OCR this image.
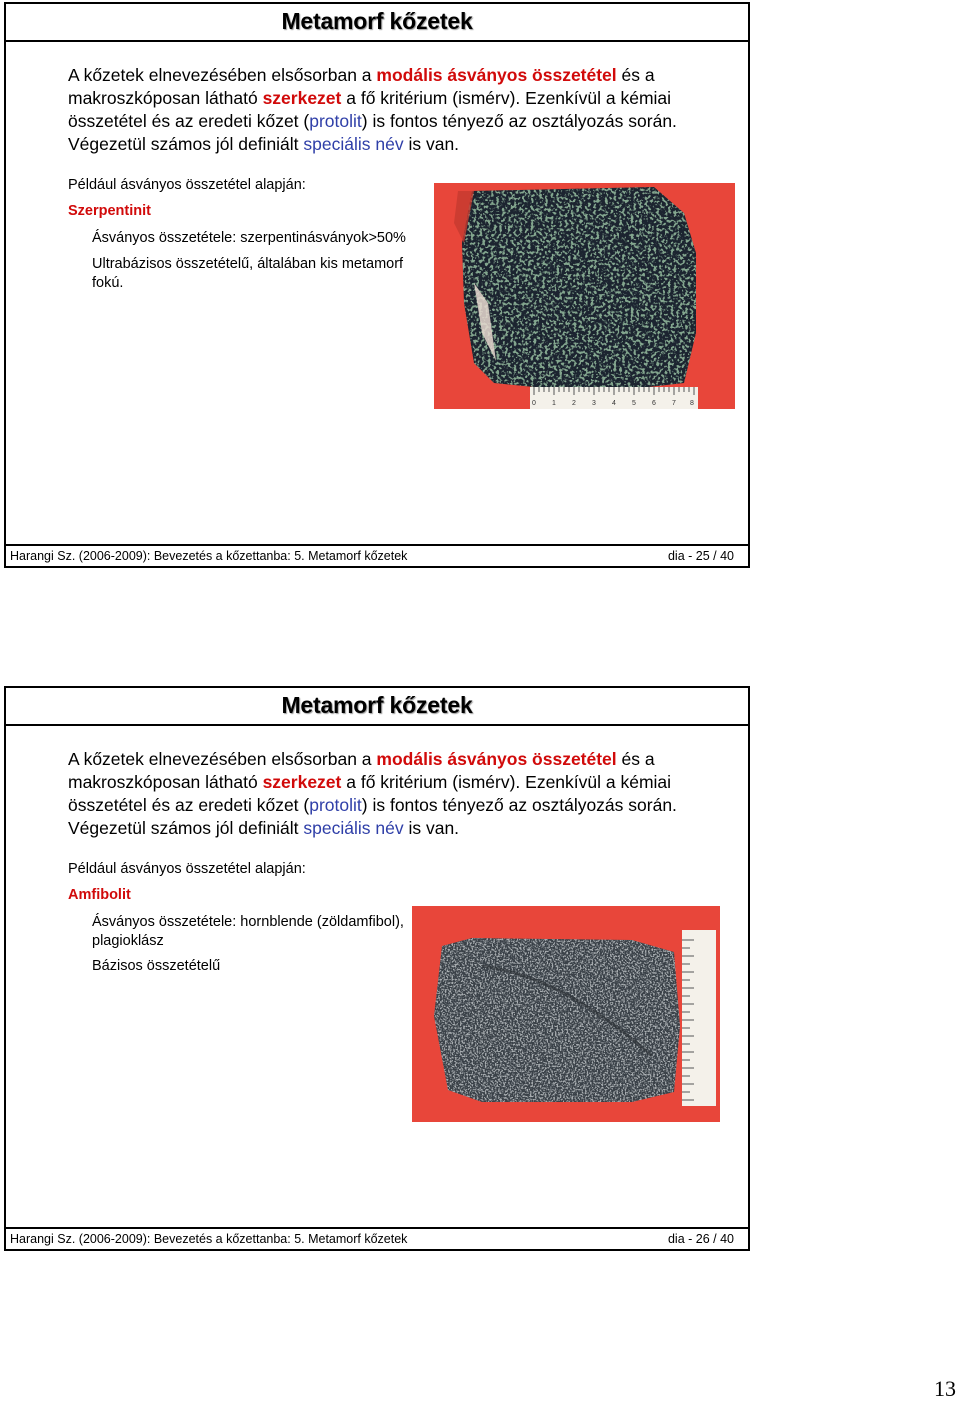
Metamorf kőzetek
A kőzetek elnevezésében elsősorban a modális ásványos összetétel és a makroszkóposan látható szerkezet a fő kritérium (ismérv). Ezenkívül a kémiai összetétel és az eredeti kőzet (protolit) is fontos tényező az osztályozás során. Végezetül számos jól definiált speciális név is van.
Például ásványos összetétel alapján:
Szerpentinit
Ásványos összetétele: szerpentinásványok>50%
Ultrabázisos összetételű, általában kis metamorf fokú.
0 1 2 3 4 5 6 7 8
Harangi Sz. (2006-2009): Bevezetés a kőzettanba: 5. Metamorf kőzetek	dia - 25 / 40
Metamorf kőzetek
A kőzetek elnevezésében elsősorban a modális ásványos összetétel és a makroszkóposan látható szerkezet a fő kritérium (ismérv). Ezenkívül a kémiai összetétel és az eredeti kőzet (protolit) is fontos tényező az osztályozás során. Végezetül számos jól definiált speciális név is van.
Például ásványos összetétel alapján:
Amfibolit
Ásványos összetétele: hornblende (zöldamfibol), plagioklász
Bázisos összetételű
Harangi Sz. (2006-2009): Bevezetés a kőzettanba: 5. Metamorf kőzetek	dia - 26 / 40
13
